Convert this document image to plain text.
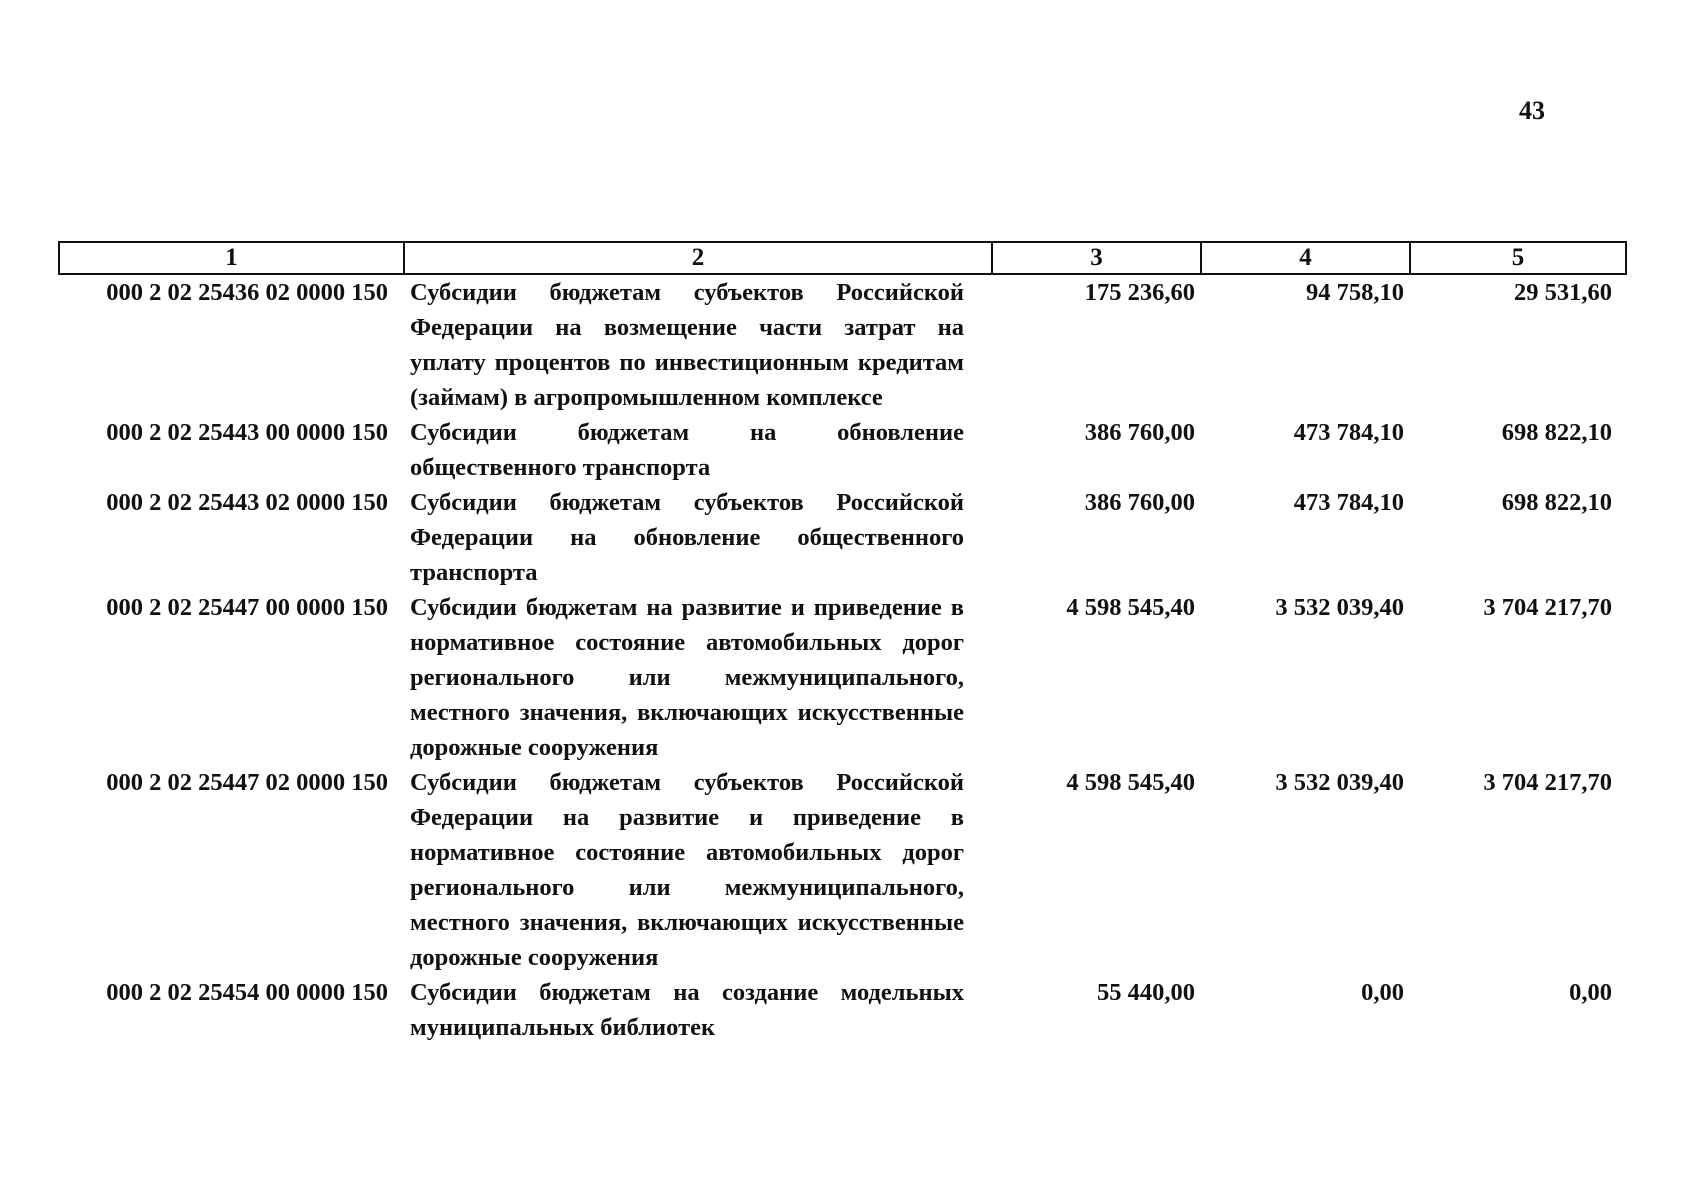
43
1	2	3	4	5
000 2 02 25436 02 0000 150	Субсидии бюджетам субъектов Российской Федерации на возмещение части затрат на уплату процентов по инвестиционным кредитам (займам) в агропромышленном комплексе	175 236,60	94 758,10	29 531,60
000 2 02 25443 00 0000 150	Субсидии бюджетам на обновление общественного транспорта	386 760,00	473 784,10	698 822,10
000 2 02 25443 02 0000 150	Субсидии бюджетам субъектов Российской Федерации на обновление общественного транспорта	386 760,00	473 784,10	698 822,10
000 2 02 25447 00 0000 150	Субсидии бюджетам на развитие и приведение в нормативное состояние автомобильных дорог регионального или межмуниципального, местного значения, включающих искусственные дорожные сооружения	4 598 545,40	3 532 039,40	3 704 217,70
000 2 02 25447 02 0000 150	Субсидии бюджетам субъектов Российской Федерации на развитие и приведение в нормативное состояние автомобильных дорог регионального или межмуниципального, местного значения, включающих искусственные дорожные сооружения	4 598 545,40	3 532 039,40	3 704 217,70
000 2 02 25454 00 0000 150	Субсидии бюджетам на создание модельных муниципальных библиотек	55 440,00	0,00	0,00
